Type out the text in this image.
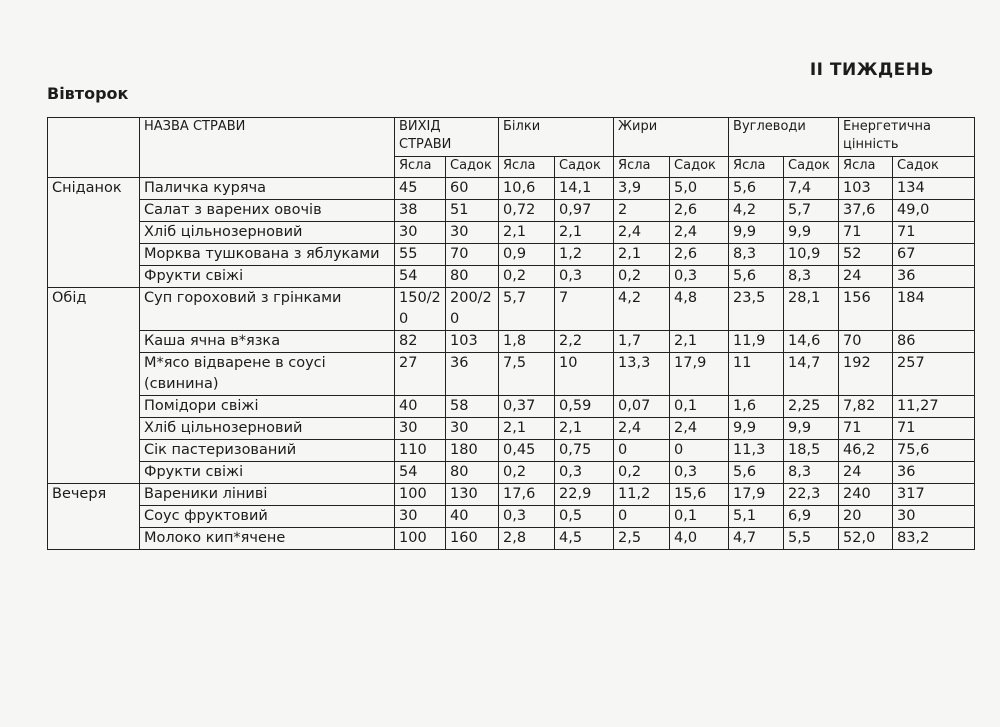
II ТИЖДЕНЬ
Вівторок
	НАЗВА СТРАВИ	ВИХІД СТРАВИ		Білки		Жири		Вуглеводи		Енергетична цінність	
		Ясла	Садок	Ясла	Садок	Ясла	Садок	Ясла	Садок	Ясла	Садок
Сніданок	Паличка куряча	45	60	10,6	14,1	3,9	5,0	5,6	7,4	103	134
	Салат з варених овочів	38	51	0,72	0,97	2	2,6	4,2	5,7	37,6	49,0
	Хліб цільнозерновий	30	30	2,1	2,1	2,4	2,4	9,9	9,9	71	71
	Морква тушкована з яблуками	55	70	0,9	1,2	2,1	2,6	8,3	10,9	52	67
	Фрукти свіжі	54	80	0,2	0,3	0,2	0,3	5,6	8,3	24	36
Обід	Суп гороховий з грінками	150/20	200/20	5,7	7	4,2	4,8	23,5	28,1	156	184
	Каша ячна в*язка	82	103	1,8	2,2	1,7	2,1	11,9	14,6	70	86
	М*ясо відварене в соусі (свинина)	27	36	7,5	10	13,3	17,9	11	14,7	192	257
	Помідори свіжі	40	58	0,37	0,59	0,07	0,1	1,6	2,25	7,82	11,27
	Хліб цільнозерновий	30	30	2,1	2,1	2,4	2,4	9,9	9,9	71	71
	Сік пастеризований	110	180	0,45	0,75	0	0	11,3	18,5	46,2	75,6
	Фрукти свіжі	54	80	0,2	0,3	0,2	0,3	5,6	8,3	24	36
Вечеря	Вареники ліниві	100	130	17,6	22,9	11,2	15,6	17,9	22,3	240	317
	Соус фруктовий	30	40	0,3	0,5	0	0,1	5,1	6,9	20	30
	Молоко кип*ячене	100	160	2,8	4,5	2,5	4,0	4,7	5,5	52,0	83,2
